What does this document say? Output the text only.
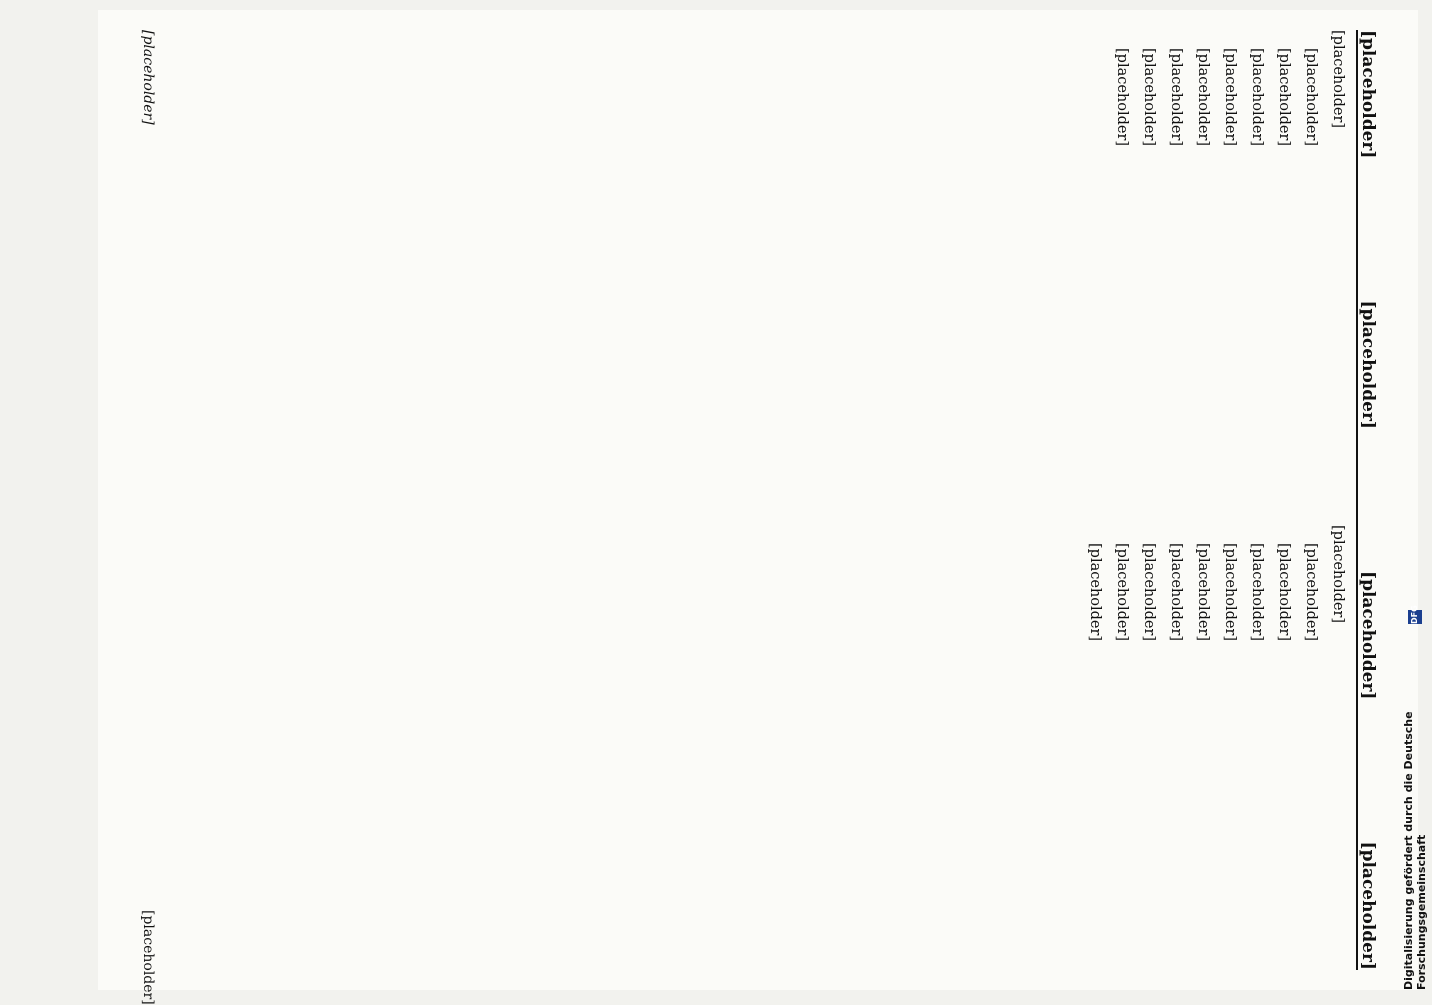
[placeholder]
[placeholder]
[placeholder]
[placeholder]

[placeholder]

[placeholder]

[placeholder]

[placeholder]

[placeholder]

[placeholder]

[placeholder]

[placeholder]

[placeholder]

[placeholder]

[placeholder]

[placeholder]

[placeholder]

[placeholder]

[placeholder]

[placeholder]

[placeholder]

[placeholder]

[placeholder]

[placeholder]
[placeholder]	Digitalisierung gefördert durch die Deutsche Forschungsgemeinschaft
DFG
